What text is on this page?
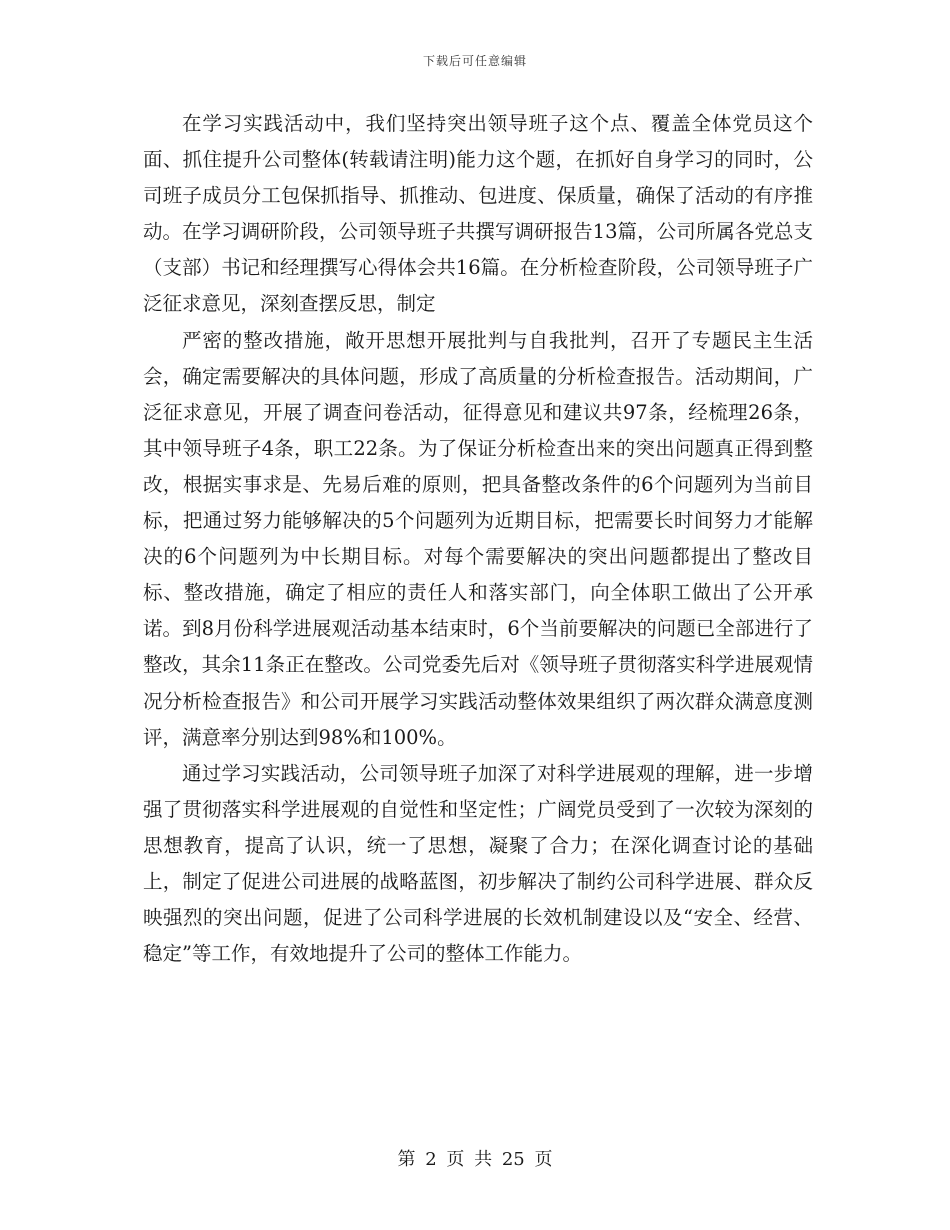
下载后可任意编辑

在学习实践活动中，我们坚持突出领导班子这个点、覆盖全体党员这个面、抓住提升公司整体(转载请注明)能力这个题，在抓好自身学习的同时，公司班子成员分工包保抓指导、抓推动、包进度、保质量，确保了活动的有序推动。在学习调研阶段，公司领导班子共撰写调研报告13篇，公司所属各党总支（支部）书记和经理撰写心得体会共16篇。在分析检查阶段，公司领导班子广泛征求意见，深刻查摆反思，制定

严密的整改措施，敞开思想开展批判与自我批判，召开了专题民主生活会，确定需要解决的具体问题，形成了高质量的分析检查报告。活动期间，广泛征求意见，开展了调查问卷活动，征得意见和建议共97条，经梳理26条，其中领导班子4条，职工22条。为了保证分析检查出来的突出问题真正得到整改，根据实事求是、先易后难的原则，把具备整改条件的6个问题列为当前目标，把通过努力能够解决的5个问题列为近期目标，把需要长时间努力才能解决的6个问题列为中长期目标。对每个需要解决的突出问题都提出了整改目标、整改措施，确定了相应的责任人和落实部门，向全体职工做出了公开承诺。到8月份科学进展观活动基本结束时，6个当前要解决的问题已全部进行了整改，其余11条正在整改。公司党委先后对《领导班子贯彻落实科学进展观情况分析检查报告》和公司开展学习实践活动整体效果组织了两次群众满意度测评，满意率分别达到98%和100%。

通过学习实践活动，公司领导班子加深了对科学进展观的理解，进一步增强了贯彻落实科学进展观的自觉性和坚定性；广阔党员受到了一次较为深刻的思想教育，提高了认识，统一了思想，凝聚了合力；在深化调查讨论的基础上，制定了促进公司进展的战略蓝图，初步解决了制约公司科学进展、群众反映强烈的突出问题，促进了公司科学进展的长效机制建设以及“安全、经营、稳定”等工作，有效地提升了公司的整体工作能力。

第 2 页 共 25 页
